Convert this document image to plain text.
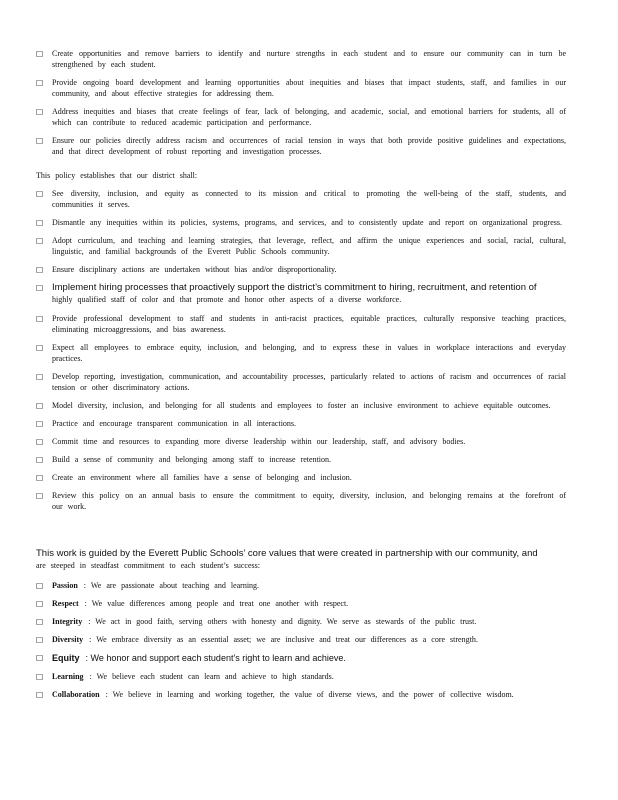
□	Create opportunities and remove barriers to identify and nurture strengths in each student and to ensure our community can in turn be strengthened by each student.
□	Provide ongoing board development and learning opportunities about inequities and biases that impact students, staff, and families in our community, and about effective strategies for addressing them.
□	Address inequities and biases that create feelings of fear, lack of belonging, and academic, social, and emotional barriers for students, all of which can contribute to reduced academic participation and performance.
□	Ensure our policies directly address racism and occurrences of racial tension in ways that both provide positive guidelines and expectations, and that direct development of robust reporting and investigation processes.
This policy establishes that our district shall:
□	See diversity, inclusion, and equity as connected to its mission and critical to promoting the well-being of the staff, students, and communities it serves.
□	Dismantle any inequities within its policies, systems, programs, and services, and to consistently update and report on organizational progress.
□	Adopt curriculum, and teaching and learning strategies, that leverage, reflect, and affirm the unique experiences and social, racial, cultural, linguistic, and familial backgrounds of the Everett Public Schools community.
□	Ensure disciplinary actions are undertaken without bias and/or disproportionality.
□ Implement hiring processes that proactively support the district’s commitment to hiring, recruitment, and retention of
highly qualified staff of color and that promote and honor other aspects of a diverse workforce.
□	Provide professional development to staff and students in anti-racist practices, equitable practices, culturally responsive teaching practices, eliminating microaggressions, and bias awareness.
□	Expect all employees to embrace equity, inclusion, and belonging, and to express these in values in workplace interactions and everyday practices.
□	Develop reporting, investigation, communication, and accountability processes, particularly related to actions of racism and occurrences of racial tension or other discriminatory actions.
□	Model diversity, inclusion, and belonging for all students and employees to foster an inclusive environment to achieve equitable outcomes.
□	Practice and encourage transparent communication in all interactions.
□	Commit time and resources to expanding more diverse leadership within our leadership, staff, and advisory bodies.
□	Build a sense of community and belonging among staff to increase retention.
□	Create an environment where all families have a sense of belonging and inclusion.
□	Review this policy on an annual basis to ensure the commitment to equity, diversity, inclusion, and belonging remains at the forefront of our work.
This work is guided by the Everett Public Schools’ core values that were created in partnership with our community, and
are steeped in steadfast commitment to each student’s success:
□	Passion : We are passionate about teaching and learning.
□	Respect : We value differences among people and treat one another with respect.
□	Integrity : We act in good faith, serving others with honesty and dignity. We serve as stewards of the public trust.
□	Diversity : We embrace diversity as an essential asset; we are inclusive and treat our differences as a core strength.
□ Equity : We honor and support each student’s right to learn and achieve.
□	Learning : We believe each student can learn and achieve to high standards.
□	Collaboration : We believe in learning and working together, the value of diverse views, and the power of collective wisdom.
